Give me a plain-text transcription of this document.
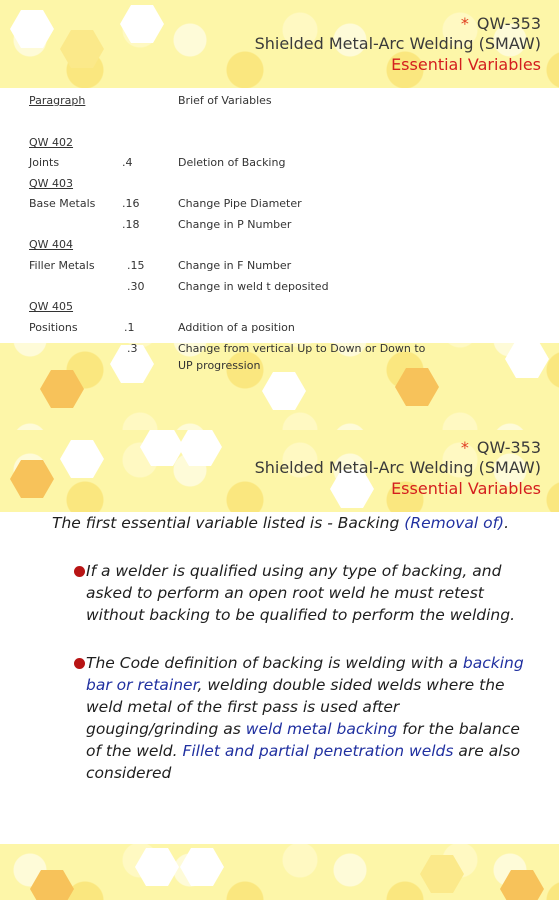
* QW-353
Shielded Metal-Arc Welding (SMAW)
Essential Variables
Paragraph	Brief of Variables
QW 402
Joints	.4	Deletion of Backing
QW 403
Base Metals .16	Change Pipe Diameter
.18	Change in P Number
QW 404
Filler Metals	.15	Change in F Number
.30	Change in weld t deposited
QW 405
Positions	.1	Addition of a position
.3	Change from vertical Up to Down or Down to
UP progression
* QW-353
Shielded Metal-Arc Welding (SMAW)
Essential Variables
The first essential variable listed is - Backing (Removal of).
If a welder is qualified using any type of backing, and asked to perform an open root weld he must retest without backing to be qualified to perform the welding.
The Code definition of backing is welding with a backing bar or retainer, welding double sided welds where the weld metal of the first pass is used after gouging/grinding as weld metal backing for the balance of the weld. Fillet and partial penetration welds are also considered
